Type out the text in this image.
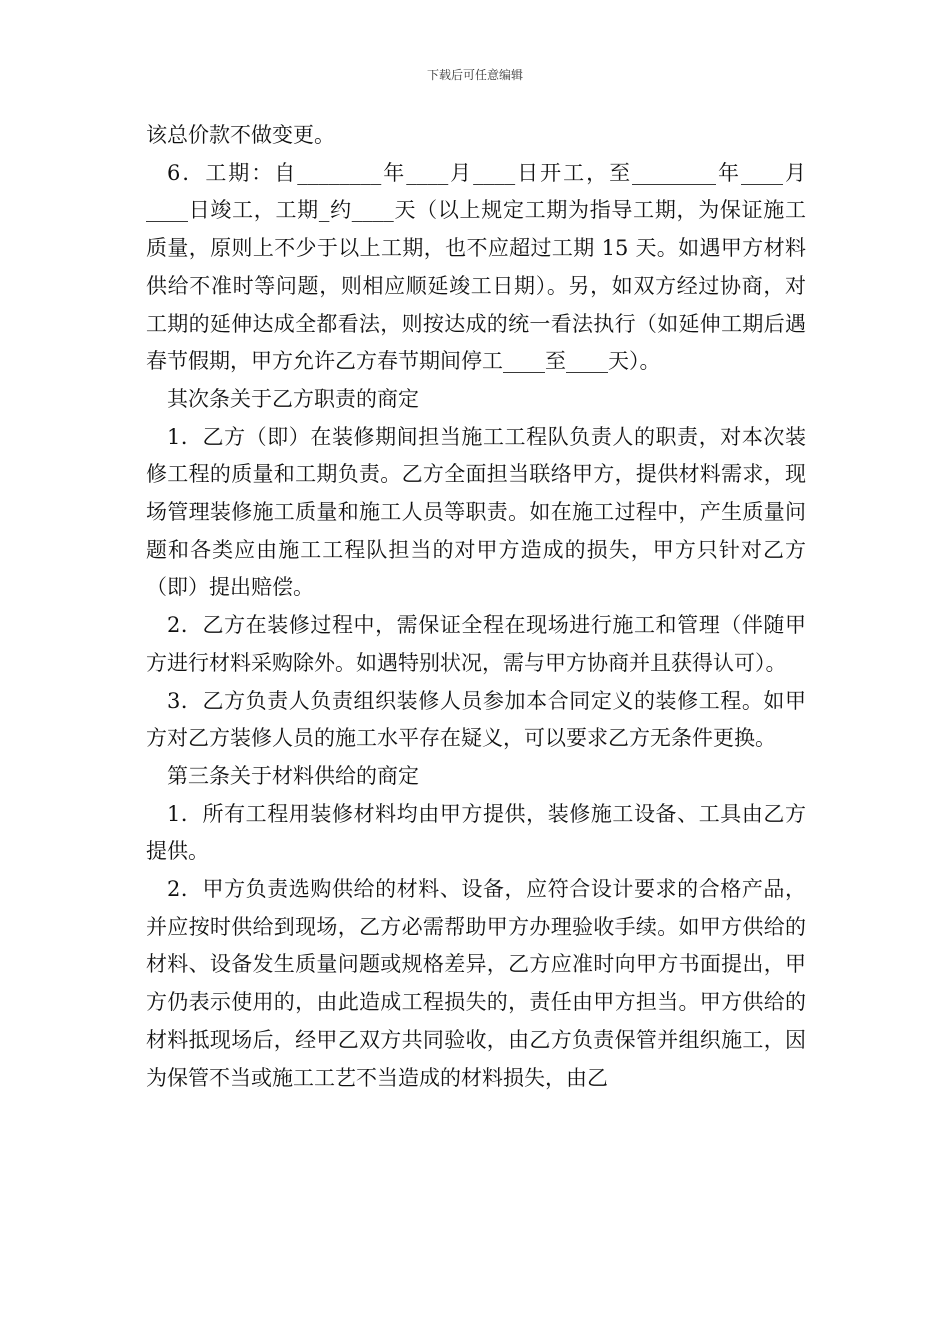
下载后可任意编辑

该总价款不做变更。

6．工期：自________年____月____日开工，至________年____月____日竣工，工期_约____天（以上规定工期为指导工期，为保证施工质量，原则上不少于以上工期，也不应超过工期 15 天。如遇甲方材料供给不准时等问题，则相应顺延竣工日期）。另，如双方经过协商，对工期的延伸达成全都看法，则按达成的统一看法执行（如延伸工期后遇春节假期，甲方允许乙方春节期间停工____至____天）。

其次条关于乙方职责的商定

1．乙方（即）在装修期间担当施工工程队负责人的职责，对本次装修工程的质量和工期负责。乙方全面担当联络甲方，提供材料需求，现场管理装修施工质量和施工人员等职责。如在施工过程中，产生质量问题和各类应由施工工程队担当的对甲方造成的损失，甲方只针对乙方（即）提出赔偿。

2．乙方在装修过程中，需保证全程在现场进行施工和管理（伴随甲方进行材料采购除外。如遇特别状况，需与甲方协商并且获得认可）。

3．乙方负责人负责组织装修人员参加本合同定义的装修工程。如甲方对乙方装修人员的施工水平存在疑义，可以要求乙方无条件更换。

第三条关于材料供给的商定

1．所有工程用装修材料均由甲方提供，装修施工设备、工具由乙方提供。

2．甲方负责选购供给的材料、设备，应符合设计要求的合格产品，并应按时供给到现场，乙方必需帮助甲方办理验收手续。如甲方供给的材料、设备发生质量问题或规格差异，乙方应准时向甲方书面提出，甲方仍表示使用的，由此造成工程损失的，责任由甲方担当。甲方供给的材料抵现场后，经甲乙双方共同验收，由乙方负责保管并组织施工，因为保管不当或施工工艺不当造成的材料损失，由乙
